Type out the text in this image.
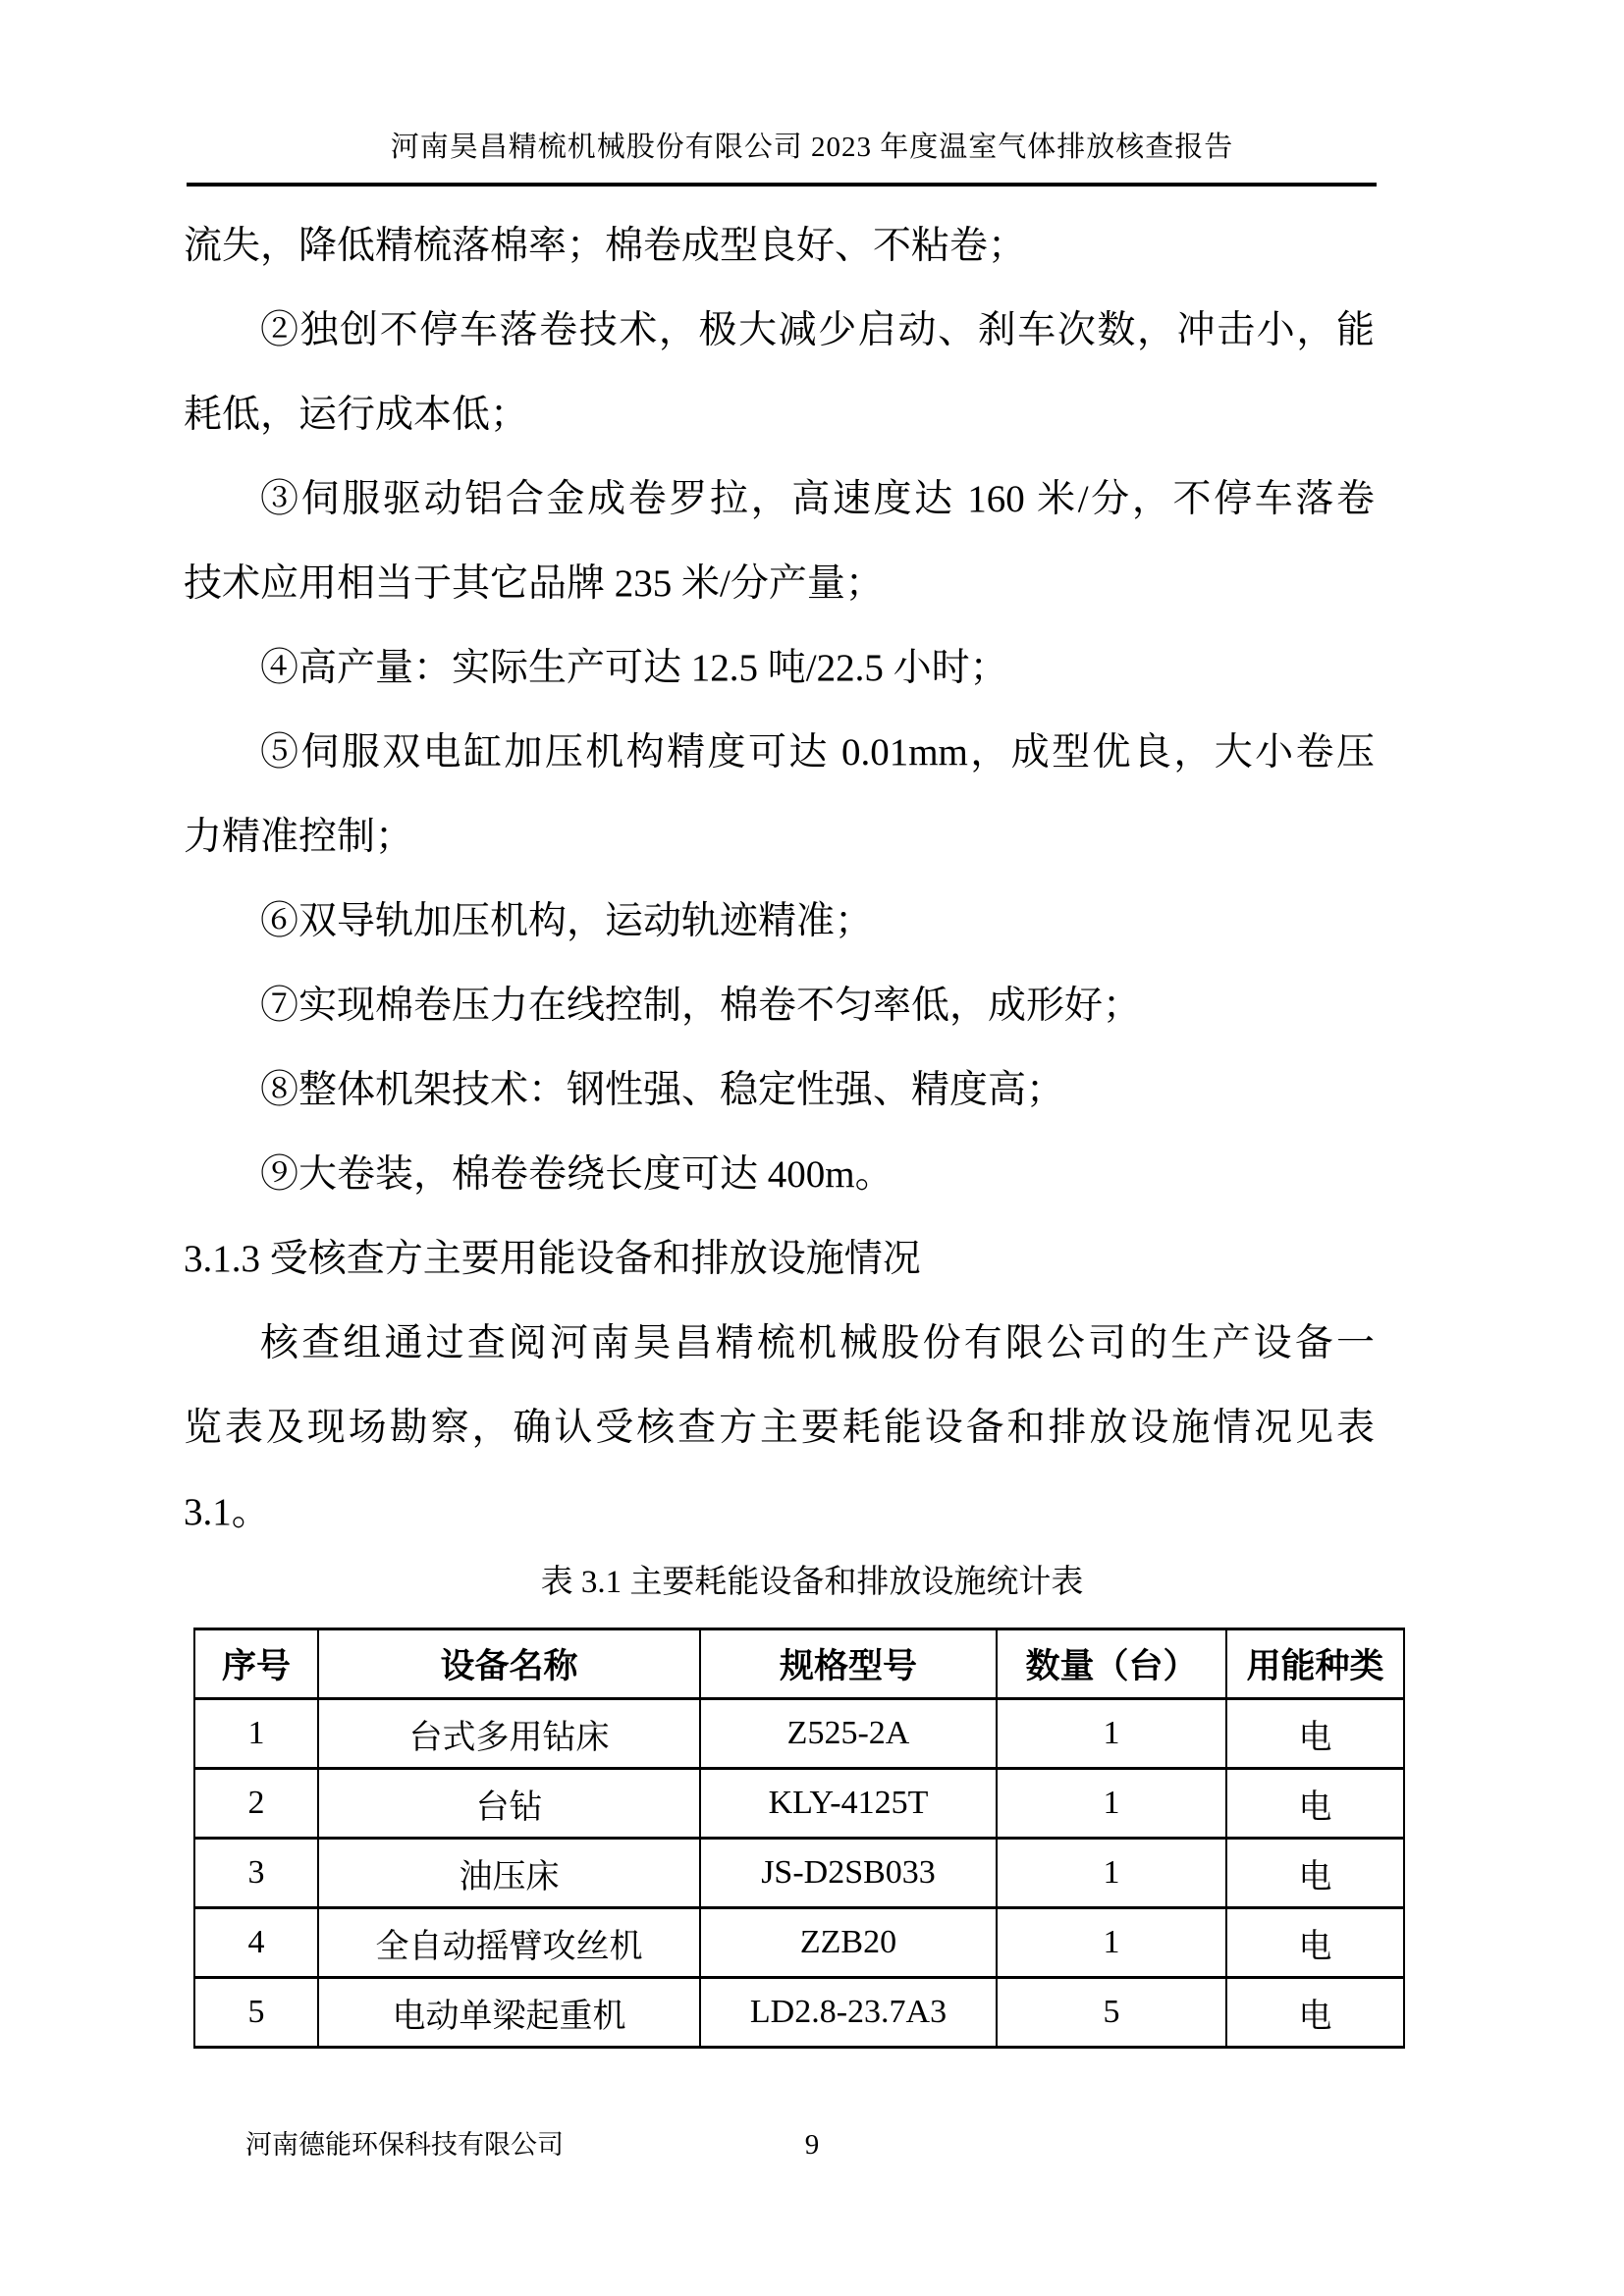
河南昊昌精梳机械股份有限公司 2023 年度温室气体排放核查报告
流失，降低精梳落棉率；棉卷成型良好、不粘卷；
②独创不停车落卷技术，极大减少启动、刹车次数，冲击小，能
耗低，运行成本低；
③伺服驱动铝合金成卷罗拉，高速度达 160 米/分，不停车落卷
技术应用相当于其它品牌 235 米/分产量；
④高产量：实际生产可达 12.5 吨/22.5 小时；
⑤伺服双电缸加压机构精度可达 0.01mm，成型优良，大小卷压
力精准控制；
⑥双导轨加压机构，运动轨迹精准；
⑦实现棉卷压力在线控制，棉卷不匀率低，成形好；
⑧整体机架技术：钢性强、稳定性强、精度高；
⑨大卷装，棉卷卷绕长度可达 400m。
3.1.3 受核查方主要用能设备和排放设施情况
核查组通过查阅河南昊昌精梳机械股份有限公司的生产设备一
览表及现场勘察，确认受核查方主要耗能设备和排放设施情况见表
3.1。
表 3.1 主要耗能设备和排放设施统计表
序号	设备名称	规格型号	数量（台）	用能种类
1	台式多用钻床	Z525-2A	1	电
2	台钻	KLY-4125T	1	电
3	油压床	JS-D2SB033	1	电
4	全自动摇臂攻丝机	ZZB20	1	电
5	电动单梁起重机	LD2.8-23.7A3	5	电
9
河南德能环保科技有限公司
